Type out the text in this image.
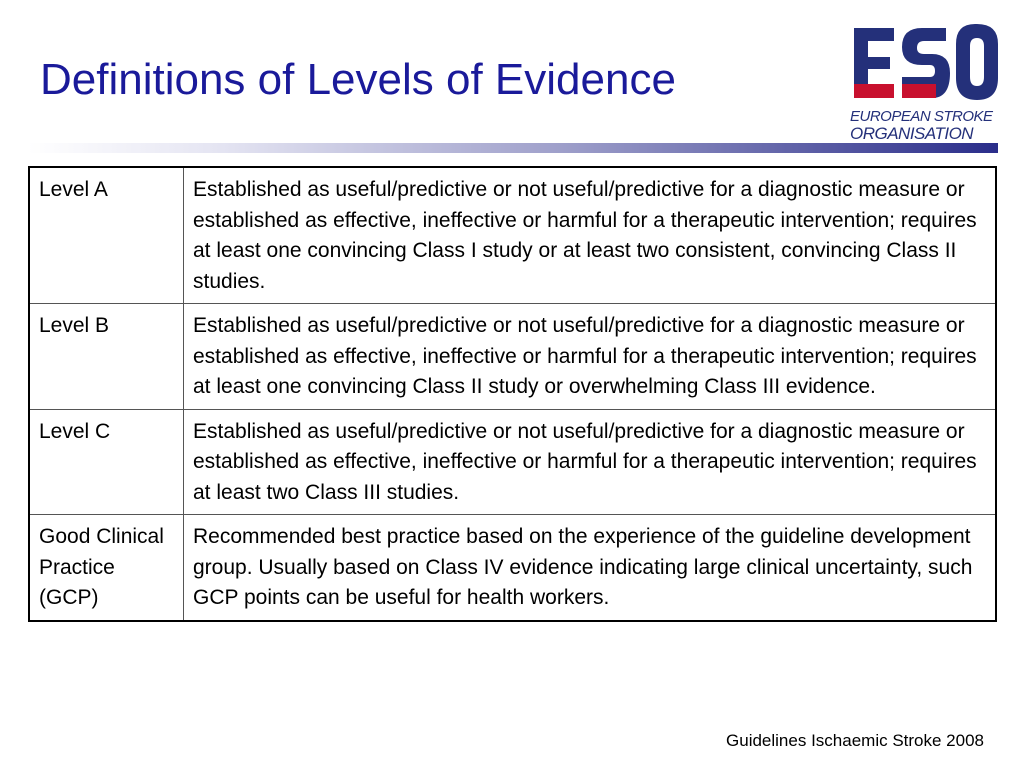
Definitions of Levels of Evidence
EUROPEAN STROKE
ORGANISATION
Level A	Established as useful/predictive or not useful/predictive for a diagnostic measure or established as effective, ineffective or harmful for a therapeutic intervention; requires at least one convincing Class I study or at least two consistent, convincing Class II studies.
Level B	Established as useful/predictive or not useful/predictive for a diagnostic measure or established as effective, ineffective or harmful for a therapeutic intervention; requires at least one convincing Class II study or overwhelming Class III evidence.
Level C	Established as useful/predictive or not useful/predictive for a diagnostic measure or established as effective, ineffective or harmful for a therapeutic intervention; requires at least two Class III studies.
Good Clinical Practice (GCP)	Recommended best practice based on the experience of the guideline development group. Usually based on Class IV evidence indicating large clinical uncertainty, such GCP points can be useful for health workers.
Guidelines Ischaemic Stroke 2008
